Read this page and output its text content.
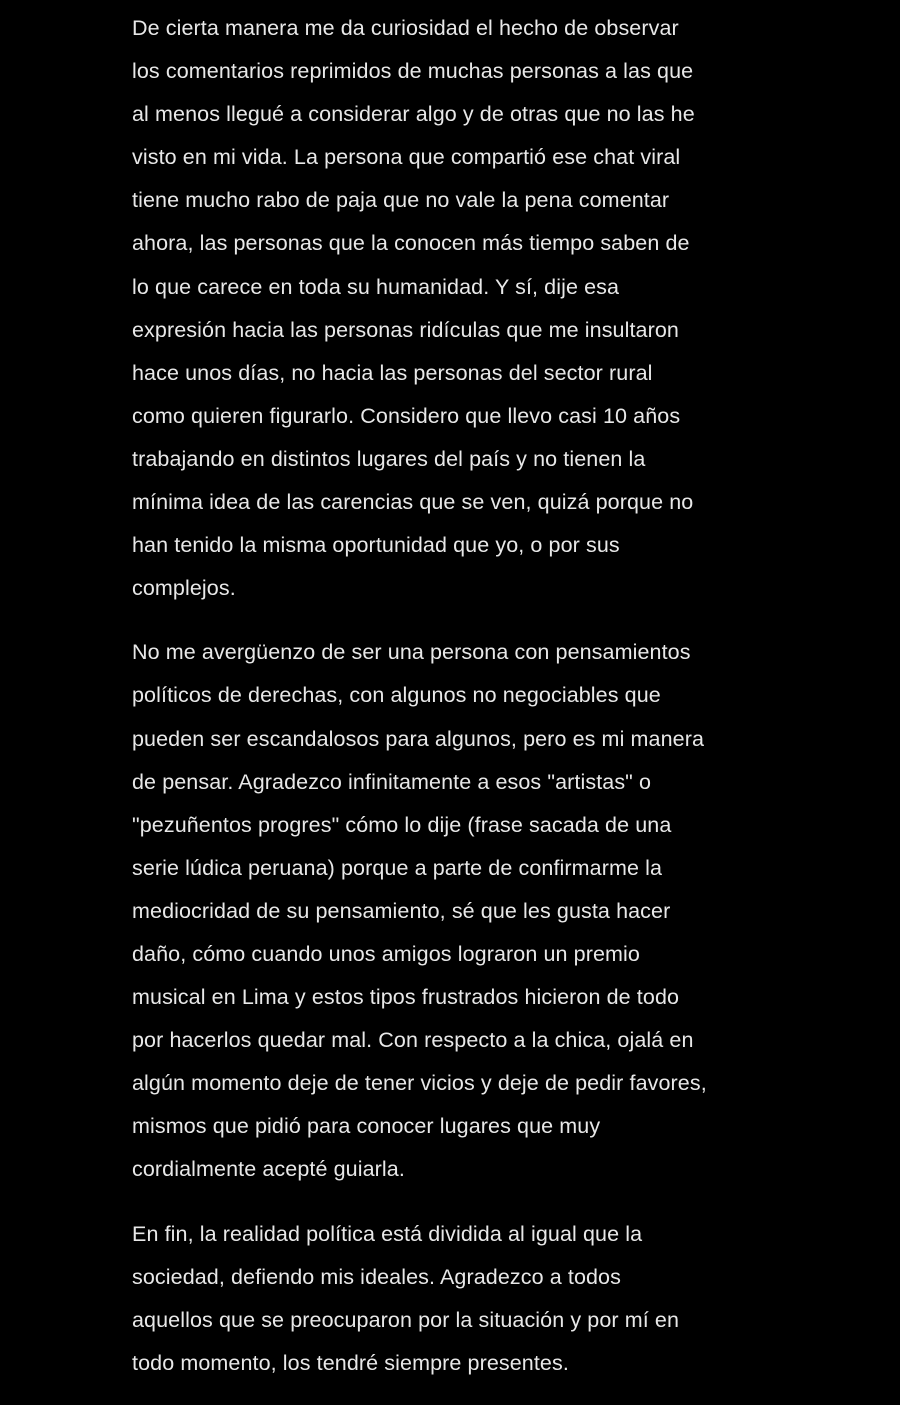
De cierta manera me da curiosidad el hecho de observar
los comentarios reprimidos de muchas personas a las que
al menos llegué a considerar algo y de otras que no las he
visto en mi vida. La persona que compartió ese chat viral
tiene mucho rabo de paja que no vale la pena comentar
ahora, las personas que la conocen más tiempo saben de
lo que carece en toda su humanidad. Y sí, dije esa
expresión hacia las personas ridículas que me insultaron
hace unos días, no hacia las personas del sector rural
como quieren figurarlo. Considero que llevo casi 10 años
trabajando en distintos lugares del país y no tienen la
mínima idea de las carencias que se ven, quizá porque no
han tenido la misma oportunidad que yo, o por sus
complejos.

No me avergüenzo de ser una persona con pensamientos
políticos de derechas, con algunos no negociables que
pueden ser escandalosos para algunos, pero es mi manera
de pensar. Agradezco infinitamente a esos "artistas" o
"pezuñentos progres" cómo lo dije (frase sacada de una
serie lúdica peruana) porque a parte de confirmarme la
mediocridad de su pensamiento, sé que les gusta hacer
daño, cómo cuando unos amigos lograron un premio
musical en Lima y estos tipos frustrados hicieron de todo
por hacerlos quedar mal. Con respecto a la chica, ojalá en
algún momento deje de tener vicios y deje de pedir favores,
mismos que pidió para conocer lugares que muy
cordialmente acepté guiarla.

En fin, la realidad política está dividida al igual que la
sociedad, defiendo mis ideales. Agradezco a todos
aquellos que se preocuparon por la situación y por mí en
todo momento, los tendré siempre presentes.
